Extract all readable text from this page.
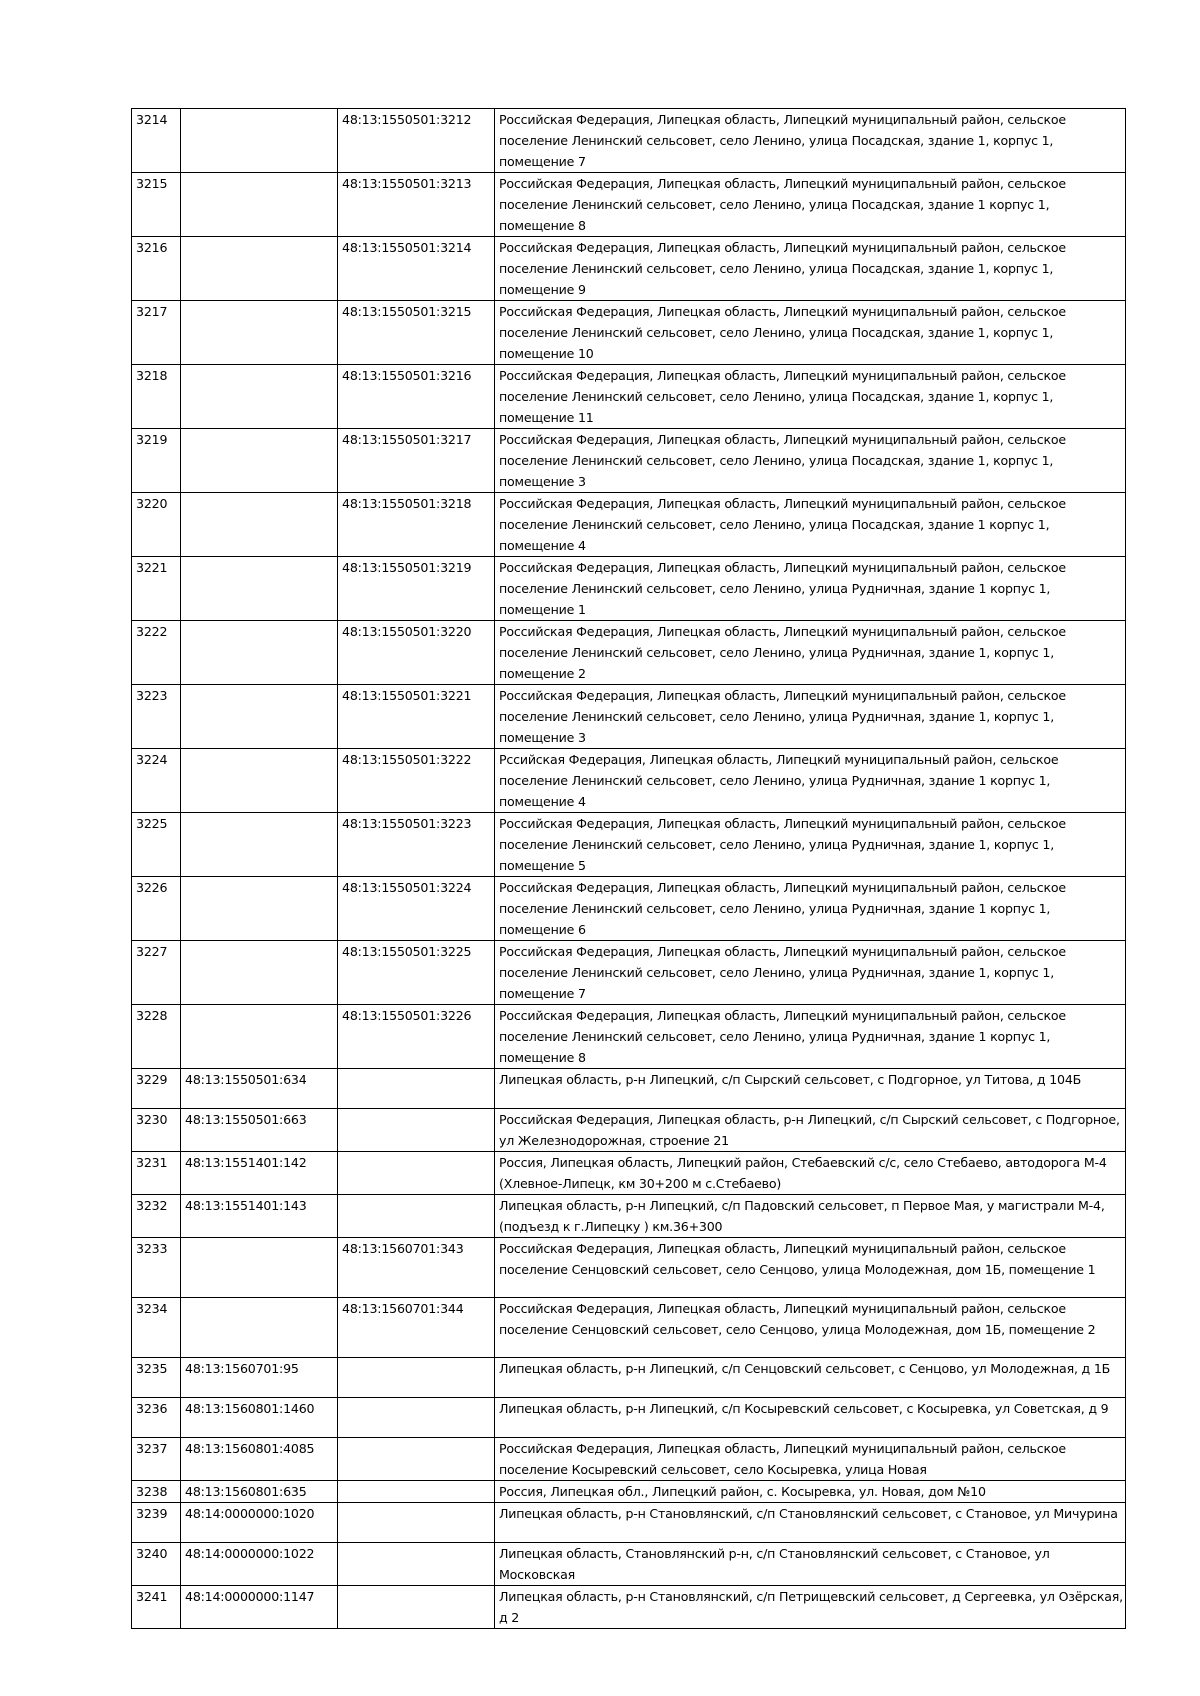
3214		48:13:1550501:3212	Российская Федерация, Липецкая область, Липецкий муниципальный район, сельское поселение Ленинский сельсовет, село Ленино, улица Посадская, здание 1, корпус 1, помещение 7
3215		48:13:1550501:3213	Российская Федерация, Липецкая область, Липецкий муниципальный район, сельское поселение Ленинский сельсовет, село Ленино, улица Посадская, здание 1 корпус 1, помещение 8
3216		48:13:1550501:3214	Российская Федерация, Липецкая область, Липецкий муниципальный район, сельское поселение Ленинский сельсовет, село Ленино, улица Посадская, здание 1, корпус 1, помещение 9
3217		48:13:1550501:3215	Российская Федерация, Липецкая область, Липецкий муниципальный район, сельское поселение Ленинский сельсовет, село Ленино, улица Посадская, здание 1, корпус 1, помещение 10
3218		48:13:1550501:3216	Российская Федерация, Липецкая область, Липецкий муниципальный район, сельское поселение Ленинский сельсовет, село Ленино, улица Посадская, здание 1, корпус 1, помещение 11
3219		48:13:1550501:3217	Российская Федерация, Липецкая область, Липецкий муниципальный район, сельское поселение Ленинский сельсовет, село Ленино, улица Посадская, здание 1, корпус 1, помещение 3
3220		48:13:1550501:3218	Российская Федерация, Липецкая область, Липецкий муниципальный район, сельское поселение Ленинский сельсовет, село Ленино, улица Посадская, здание 1 корпус 1, помещение 4
3221		48:13:1550501:3219	Российская Федерация, Липецкая область, Липецкий муниципальный район, сельское поселение Ленинский сельсовет, село Ленино, улица Рудничная, здание 1 корпус 1, помещение 1
3222		48:13:1550501:3220	Российская Федерация, Липецкая область, Липецкий муниципальный район, сельское поселение Ленинский сельсовет, село Ленино, улица Рудничная, здание 1, корпус 1, помещение 2
3223		48:13:1550501:3221	Российская Федерация, Липецкая область, Липецкий муниципальный район, сельское поселение Ленинский сельсовет, село Ленино, улица Рудничная, здание 1, корпус 1, помещение 3
3224		48:13:1550501:3222	Рссийская Федерация, Липецкая область, Липецкий муниципальный район, сельское поселение Ленинский сельсовет, село Ленино, улица Рудничная, здание 1 корпус 1, помещение 4
3225		48:13:1550501:3223	Российская Федерация, Липецкая область, Липецкий муниципальный район, сельское поселение Ленинский сельсовет, село Ленино, улица Рудничная, здание 1, корпус 1, помещение 5
3226		48:13:1550501:3224	Российская Федерация, Липецкая область, Липецкий муниципальный район, сельское поселение Ленинский сельсовет, село Ленино, улица Рудничная, здание 1 корпус 1, помещение 6
3227		48:13:1550501:3225	Российская Федерация, Липецкая область, Липецкий муниципальный район, сельское поселение Ленинский сельсовет, село Ленино, улица Рудничная, здание 1, корпус 1, помещение 7
3228		48:13:1550501:3226	Российская Федерация, Липецкая область, Липецкий муниципальный район, сельское поселение Ленинский сельсовет, село Ленино, улица Рудничная, здание 1 корпус 1, помещение 8
3229	48:13:1550501:634		Липецкая область, р-н Липецкий, с/п Сырский сельсовет, с Подгорное, ул Титова, д 104Б
3230	48:13:1550501:663		Российская Федерация, Липецкая область, р-н Липецкий, с/п Сырский сельсовет, с Подгорное, ул Железнодорожная, строение 21
3231	48:13:1551401:142		Россия, Липецкая область, Липецкий район, Стебаевский с/с, село Стебаево, автодорога М-4 (Хлевное-Липецк, км 30+200 м с.Стебаево)
3232	48:13:1551401:143		Липецкая область, р-н Липецкий, с/п Падовский сельсовет, п Первое Мая, у магистрали М-4, (подъезд к г.Липецку ) км.36+300
3233		48:13:1560701:343	Российская Федерация, Липецкая область, Липецкий муниципальный район, сельское поселение Сенцовский сельсовет, село Сенцово, улица Молодежная, дом 1Б, помещение 1
3234		48:13:1560701:344	Российская Федерация, Липецкая область, Липецкий муниципальный район, сельское поселение Сенцовский сельсовет, село Сенцово, улица Молодежная, дом 1Б, помещение 2
3235	48:13:1560701:95		Липецкая область, р-н Липецкий, с/п Сенцовский сельсовет, с Сенцово, ул Молодежная, д 1Б
3236	48:13:1560801:1460		Липецкая область, р-н Липецкий, с/п Косыревский сельсовет, с Косыревка, ул Советская, д 9
3237	48:13:1560801:4085		Российская Федерация, Липецкая область, Липецкий муниципальный район, сельское поселение Косыревский сельсовет, село Косыревка, улица Новая
3238	48:13:1560801:635		Россия, Липецкая обл., Липецкий район, с. Косыревка, ул. Новая, дом №10
3239	48:14:0000000:1020		Липецкая область, р-н Становлянский, с/п Становлянский сельсовет, с Становое, ул Мичурина
3240	48:14:0000000:1022		Липецкая область, Становлянский р-н, с/п Становлянский сельсовет, с Становое, ул Московская
3241	48:14:0000000:1147		Липецкая область, р-н Становлянский, с/п Петрищевский сельсовет, д Сергеевка, ул Озёрская, д 2
